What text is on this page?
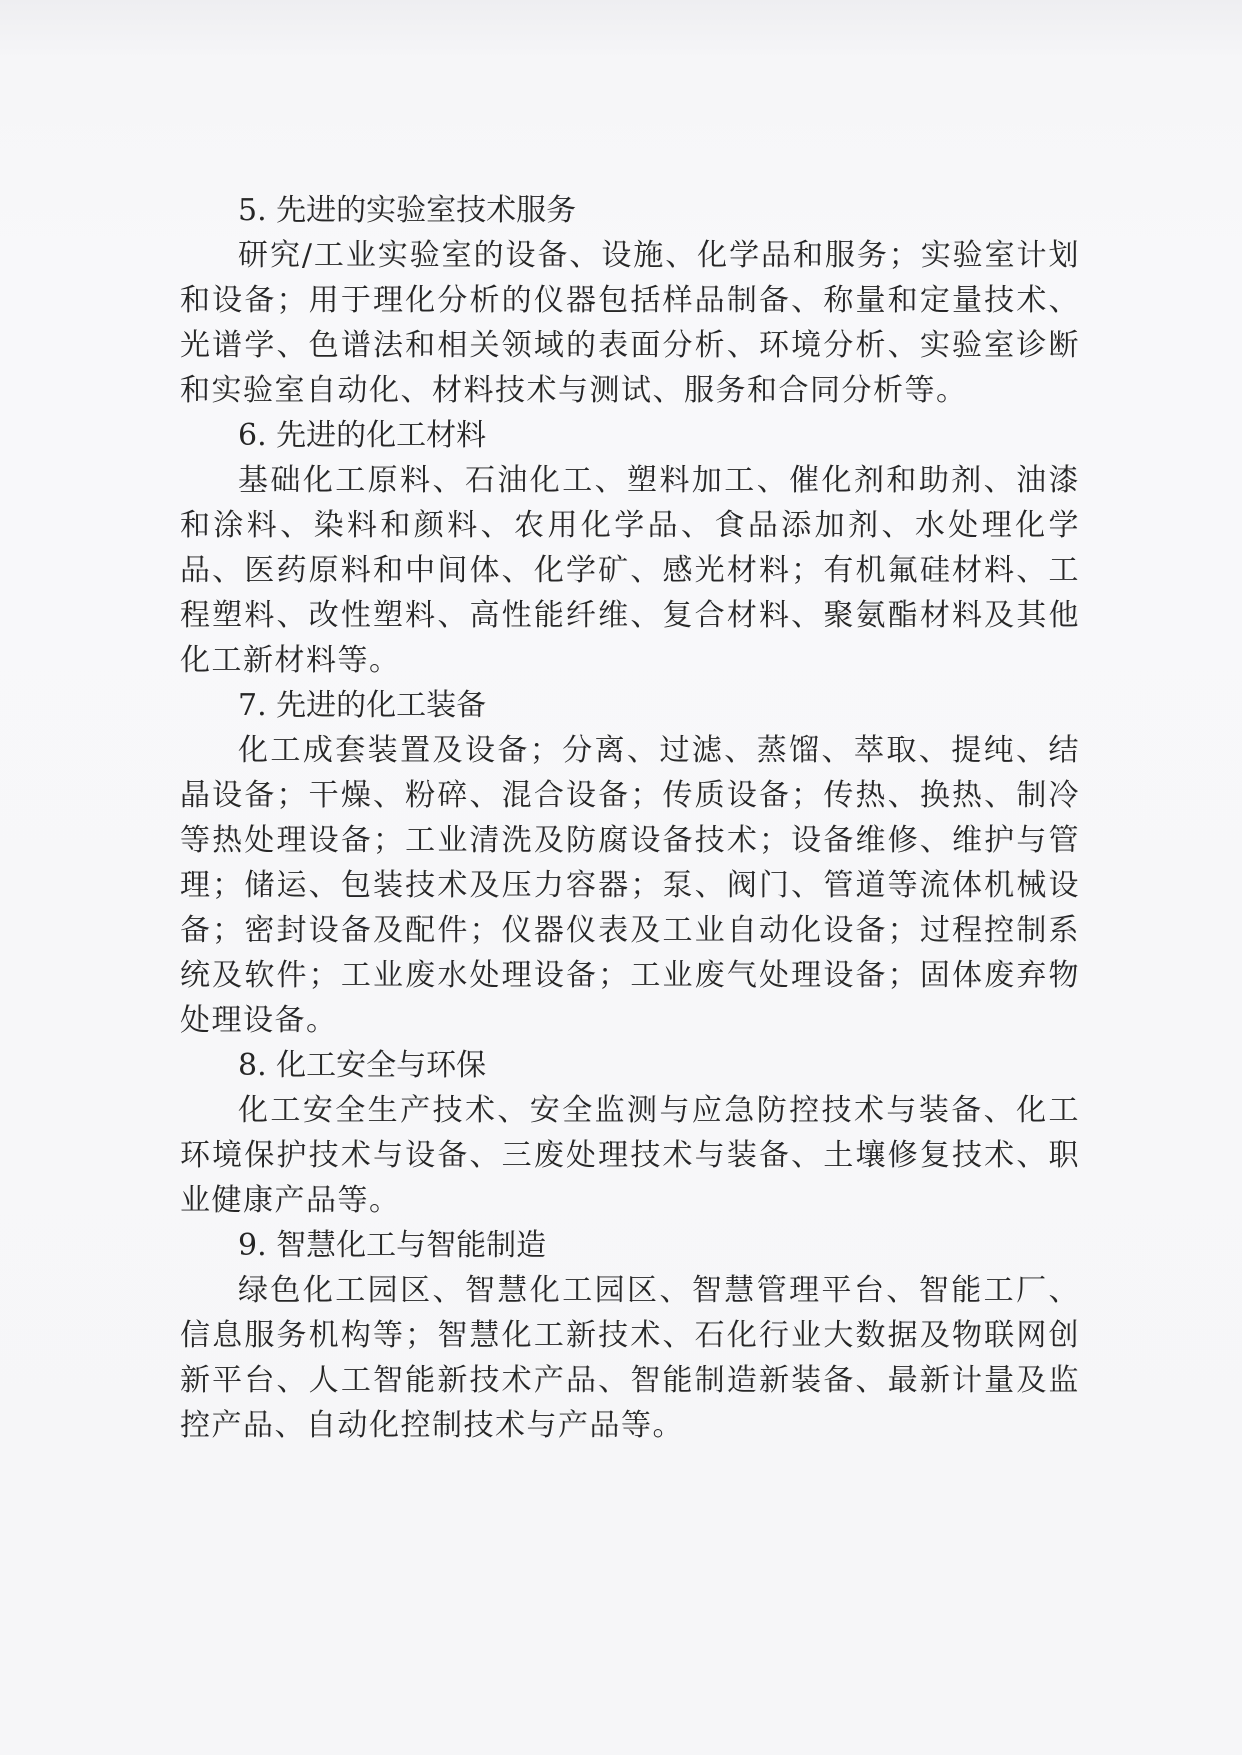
5. 先进的实验室技术服务

研究/工业实验室的设备、设施、化学品和服务；实验室计划和设备；用于理化分析的仪器包括样品制备、称量和定量技术、光谱学、色谱法和相关领域的表面分析、环境分析、实验室诊断和实验室自动化、材料技术与测试、服务和合同分析等。

6. 先进的化工材料

基础化工原料、石油化工、塑料加工、催化剂和助剂、油漆和涂料、染料和颜料、农用化学品、食品添加剂、水处理化学品、医药原料和中间体、化学矿、感光材料；有机氟硅材料、工程塑料、改性塑料、高性能纤维、复合材料、聚氨酯材料及其他化工新材料等。

7. 先进的化工装备

化工成套装置及设备；分离、过滤、蒸馏、萃取、提纯、结晶设备；干燥、粉碎、混合设备；传质设备；传热、换热、制冷等热处理设备；工业清洗及防腐设备技术；设备维修、维护与管理；储运、包装技术及压力容器；泵、阀门、管道等流体机械设备；密封设备及配件；仪器仪表及工业自动化设备；过程控制系统及软件；工业废水处理设备；工业废气处理设备；固体废弃物处理设备。

8. 化工安全与环保

化工安全生产技术、安全监测与应急防控技术与装备、化工环境保护技术与设备、三废处理技术与装备、土壤修复技术、职业健康产品等。

9. 智慧化工与智能制造

绿色化工园区、智慧化工园区、智慧管理平台、智能工厂、信息服务机构等；智慧化工新技术、石化行业大数据及物联网创新平台、人工智能新技术产品、智能制造新装备、最新计量及监控产品、自动化控制技术与产品等。
